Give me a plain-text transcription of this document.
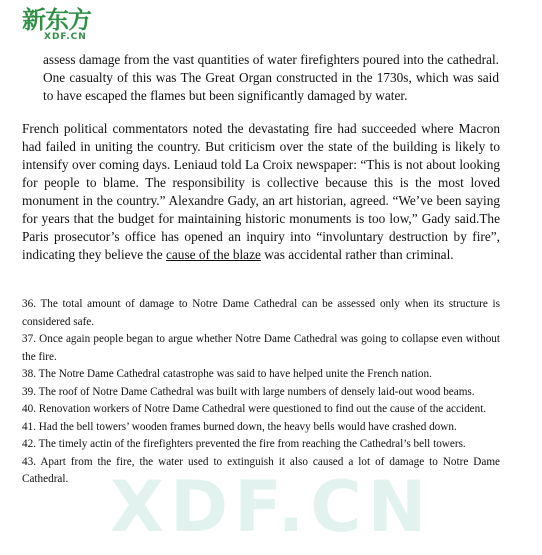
新东方
XDF.CN
XDF.CN
assess damage from the vast quantities of water firefighters poured into the cathedral. One casualty of this was The Great Organ constructed in the 1730s, which was said to have escaped the flames but been significantly damaged by water.
French political commentators noted the devastating fire had succeeded where Macron had failed in uniting the country. But criticism over the state of the building is likely to intensify over coming days. Leniaud told La Croix newspaper: “This is not about looking for people to blame. The responsibility is collective because this is the most loved monument in the country.” Alexandre Gady, an art historian, agreed. “We’ve been saying for years that the budget for maintaining historic monuments is too low,” Gady said.The Paris prosecutor’s office has opened an inquiry into “involuntary destruction by fire”, indicating they believe the cause of the blaze was accidental rather than criminal.
36. The total amount of damage to Notre Dame Cathedral can be assessed only when its structure is considered safe.
37. Once again people began to argue whether Notre Dame Cathedral was going to collapse even without the fire.
38. The Notre Dame Cathedral catastrophe was said to have helped unite the French nation.
39. The roof of Notre Dame Cathedral was built with large numbers of densely laid-out wood beams.
40. Renovation workers of Notre Dame Cathedral were questioned to find out the cause of the accident.
41. Had the bell towers’ wooden frames burned down, the heavy bells would have crashed down.
42. The timely actin of the firefighters prevented the fire from reaching the Cathedral’s bell towers.
43. Apart from the fire, the water used to extinguish it also caused a lot of damage to Notre Dame Cathedral.
